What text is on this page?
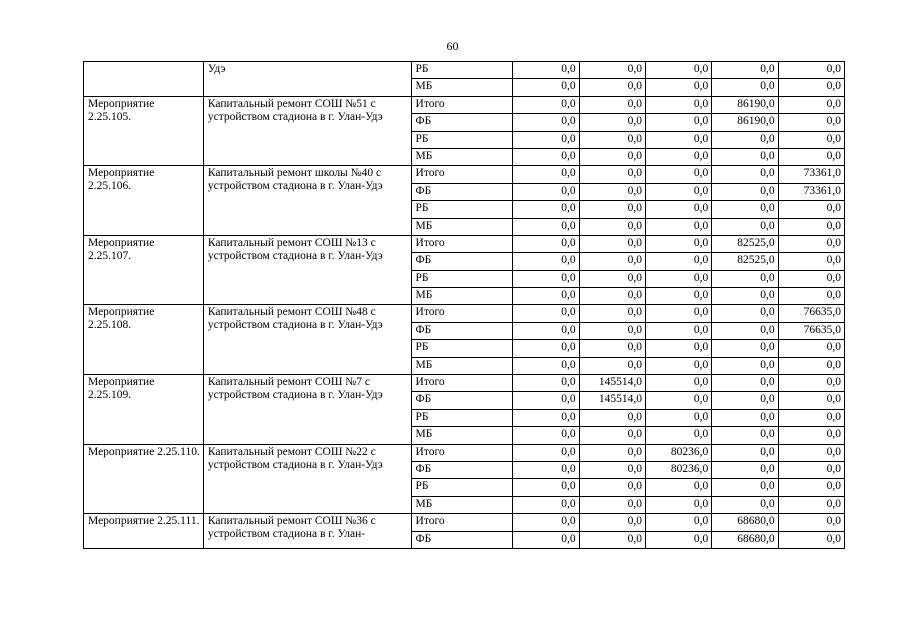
60
	Удэ	РБ	0,0	0,0	0,0	0,0	0,0
		МБ	0,0	0,0	0,0	0,0	0,0
Мероприятие 2.25.105.	Капитальный ремонт СОШ №51 с устройством стадиона в г. Улан-Удэ	Итого	0,0	0,0	0,0	86190,0	0,0
		ФБ	0,0	0,0	0,0	86190,0	0,0
		РБ	0,0	0,0	0,0	0,0	0,0
		МБ	0,0	0,0	0,0	0,0	0,0
Мероприятие 2.25.106.	Капитальный ремонт школы №40 с устройством стадиона в г. Улан-Удэ	Итого	0,0	0,0	0,0	0,0	73361,0
		ФБ	0,0	0,0	0,0	0,0	73361,0
		РБ	0,0	0,0	0,0	0,0	0,0
		МБ	0,0	0,0	0,0	0,0	0,0
Мероприятие 2.25.107.	Капитальный ремонт СОШ №13 с устройством стадиона в г. Улан-Удэ	Итого	0,0	0,0	0,0	82525,0	0,0
		ФБ	0,0	0,0	0,0	82525,0	0,0
		РБ	0,0	0,0	0,0	0,0	0,0
		МБ	0,0	0,0	0,0	0,0	0,0
Мероприятие 2.25.108.	Капитальный ремонт СОШ №48 с устройством стадиона в г. Улан-Удэ	Итого	0,0	0,0	0,0	0,0	76635,0
		ФБ	0,0	0,0	0,0	0,0	76635,0
		РБ	0,0	0,0	0,0	0,0	0,0
		МБ	0,0	0,0	0,0	0,0	0,0
Мероприятие 2.25.109.	Капитальный ремонт СОШ №7 с устройством стадиона в г. Улан-Удэ	Итого	0,0	145514,0	0,0	0,0	0,0
		ФБ	0,0	145514,0	0,0	0,0	0,0
		РБ	0,0	0,0	0,0	0,0	0,0
		МБ	0,0	0,0	0,0	0,0	0,0
Мероприятие 2.25.110.	Капитальный ремонт СОШ №22 с устройством стадиона в г. Улан-Удэ	Итого	0,0	0,0	80236,0	0,0	0,0
		ФБ	0,0	0,0	80236,0	0,0	0,0
		РБ	0,0	0,0	0,0	0,0	0,0
		МБ	0,0	0,0	0,0	0,0	0,0
Мероприятие 2.25.111.	Капитальный ремонт СОШ №36 с устройством стадиона в г. Улан-	Итого	0,0	0,0	0,0	68680,0	0,0
		ФБ	0,0	0,0	0,0	68680,0	0,0
